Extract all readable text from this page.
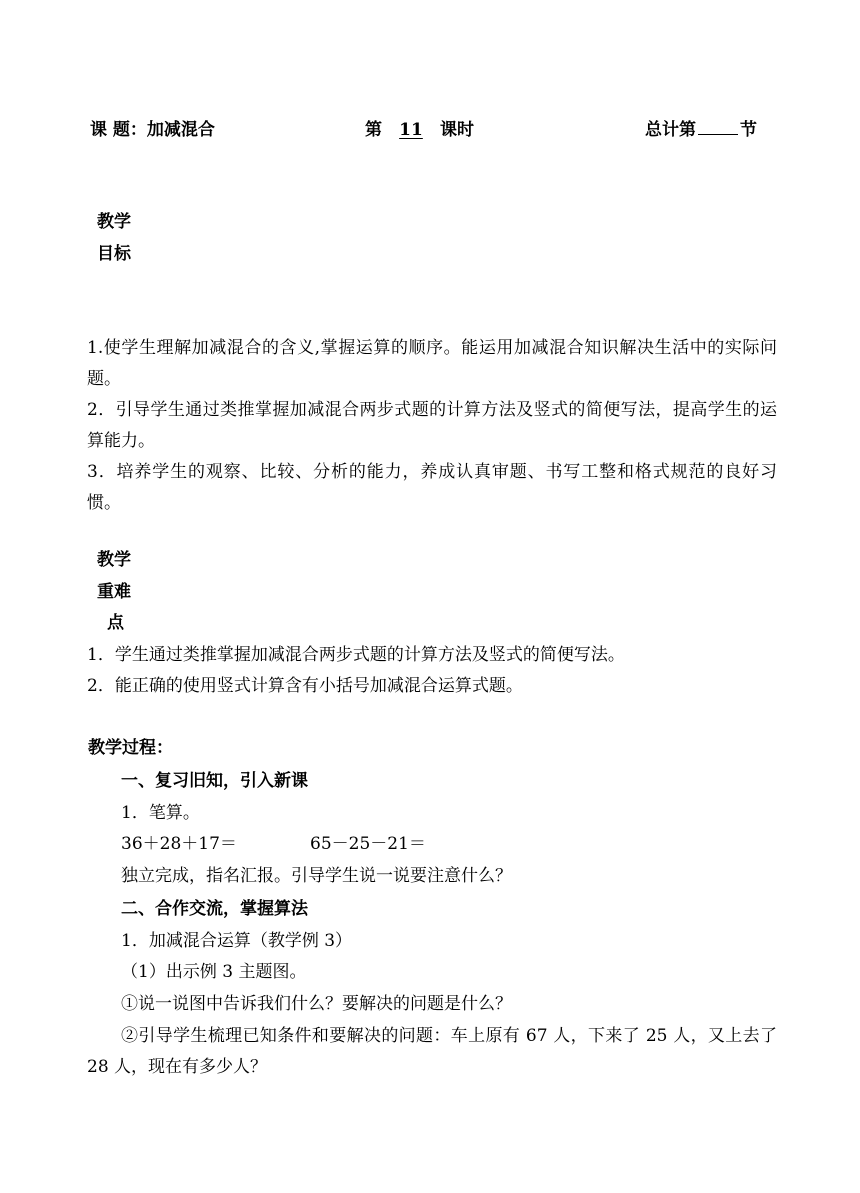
课 题：加减混合	第 11 课时	总计第	节
教学
目标
1.使学生理解加减混合的含义,掌握运算的顺序。能运用加减混合知识解决生活中的实际问题。
2．引导学生通过类推掌握加减混合两步式题的计算方法及竖式的简便写法，提高学生的运算能力。
3．培养学生的观察、比较、分析的能力，养成认真审题、书写工整和格式规范的良好习惯。
教学
重难
点
1．学生通过类推掌握加减混合两步式题的计算方法及竖式的简便写法。
2．能正确的使用竖式计算含有小括号加减混合运算式题。
教学过程：
一、复习旧知，引入新课
1．笔算。
36＋28＋17＝	65－25－21＝
独立完成，指名汇报。引导学生说一说要注意什么？
二、合作交流，掌握算法
1．加减混合运算（教学例 3）
（1）出示例 3 主题图。
①说一说图中告诉我们什么？要解决的问题是什么？
②引导学生梳理已知条件和要解决的问题：车上原有 67 人，下来了 25 人，又上去了 28 人，现在有多少人？
